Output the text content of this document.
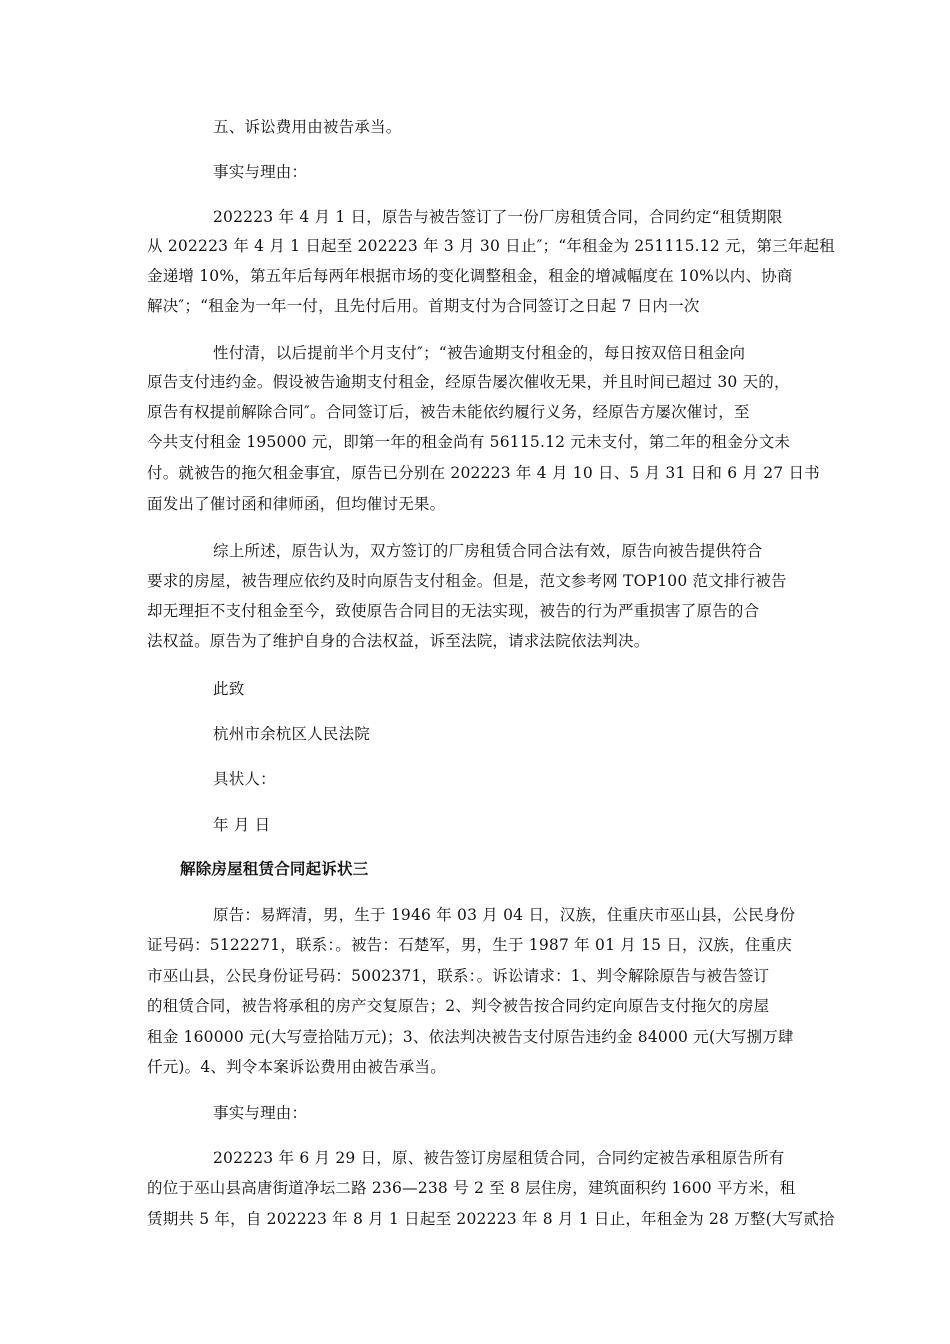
五、诉讼费用由被告承当。
事实与理由：
202223 年 4 月 1 日，原告与被告签订了一份厂房租赁合同，合同约定“租赁期限
从 202223 年 4 月 1 日起至 202223 年 3 月 30 日止″；“年租金为 251115.12 元，第三年起租
金递增 10%，第五年后每两年根据市场的变化调整租金，租金的增减幅度在 10%以内、协商
解决″；“租金为一年一付，且先付后用。首期支付为合同签订之日起 7 日内一次
性付清，以后提前半个月支付″；“被告逾期支付租金的，每日按双倍日租金向
原告支付违约金。假设被告逾期支付租金，经原告屡次催收无果，并且时间已超过 30 天的，
原告有权提前解除合同″。合同签订后，被告未能依约履行义务，经原告方屡次催讨，至
今共支付租金 195000 元，即第一年的租金尚有 56115.12 元未支付，第二年的租金分文未
付。就被告的拖欠租金事宜，原告已分别在 202223 年 4 月 10 日、5 月 31 日和 6 月 27 日书
面发出了催讨函和律师函，但均催讨无果。
综上所述，原告认为，双方签订的厂房租赁合同合法有效，原告向被告提供符合
要求的房屋，被告理应依约及时向原告支付租金。但是，范文参考网 TOP100 范文排行被告
却无理拒不支付租金至今，致使原告合同目的无法实现，被告的行为严重损害了原告的合
法权益。原告为了维护自身的合法权益，诉至法院，请求法院依法判决。
此致
杭州市余杭区人民法院
具状人：
年 月 日
解除房屋租赁合同起诉状三
原告：易辉清，男，生于 1946 年 03 月 04 日，汉族，住重庆市巫山县，公民身份
证号码：5122271，联系：。被告：石楚军，男，生于 1987 年 01 月 15 日，汉族，住重庆
市巫山县，公民身份证号码：5002371，联系：。诉讼请求：1、判令解除原告与被告签订
的租赁合同，被告将承租的房产交复原告；2、判令被告按合同约定向原告支付拖欠的房屋
租金 160000 元(大写壹拾陆万元)；3、依法判决被告支付原告违约金 84000 元(大写捌万肆
仟元)。4、判令本案诉讼费用由被告承当。
事实与理由：
202223 年 6 月 29 日，原、被告签订房屋租赁合同，合同约定被告承租原告所有
的位于巫山县高唐街道净坛二路 236—238 号 2 至 8 层住房，建筑面积约 1600 平方米，租
赁期共 5 年，自 202223 年 8 月 1 日起至 202223 年 8 月 1 日止，年租金为 28 万整(大写贰拾
